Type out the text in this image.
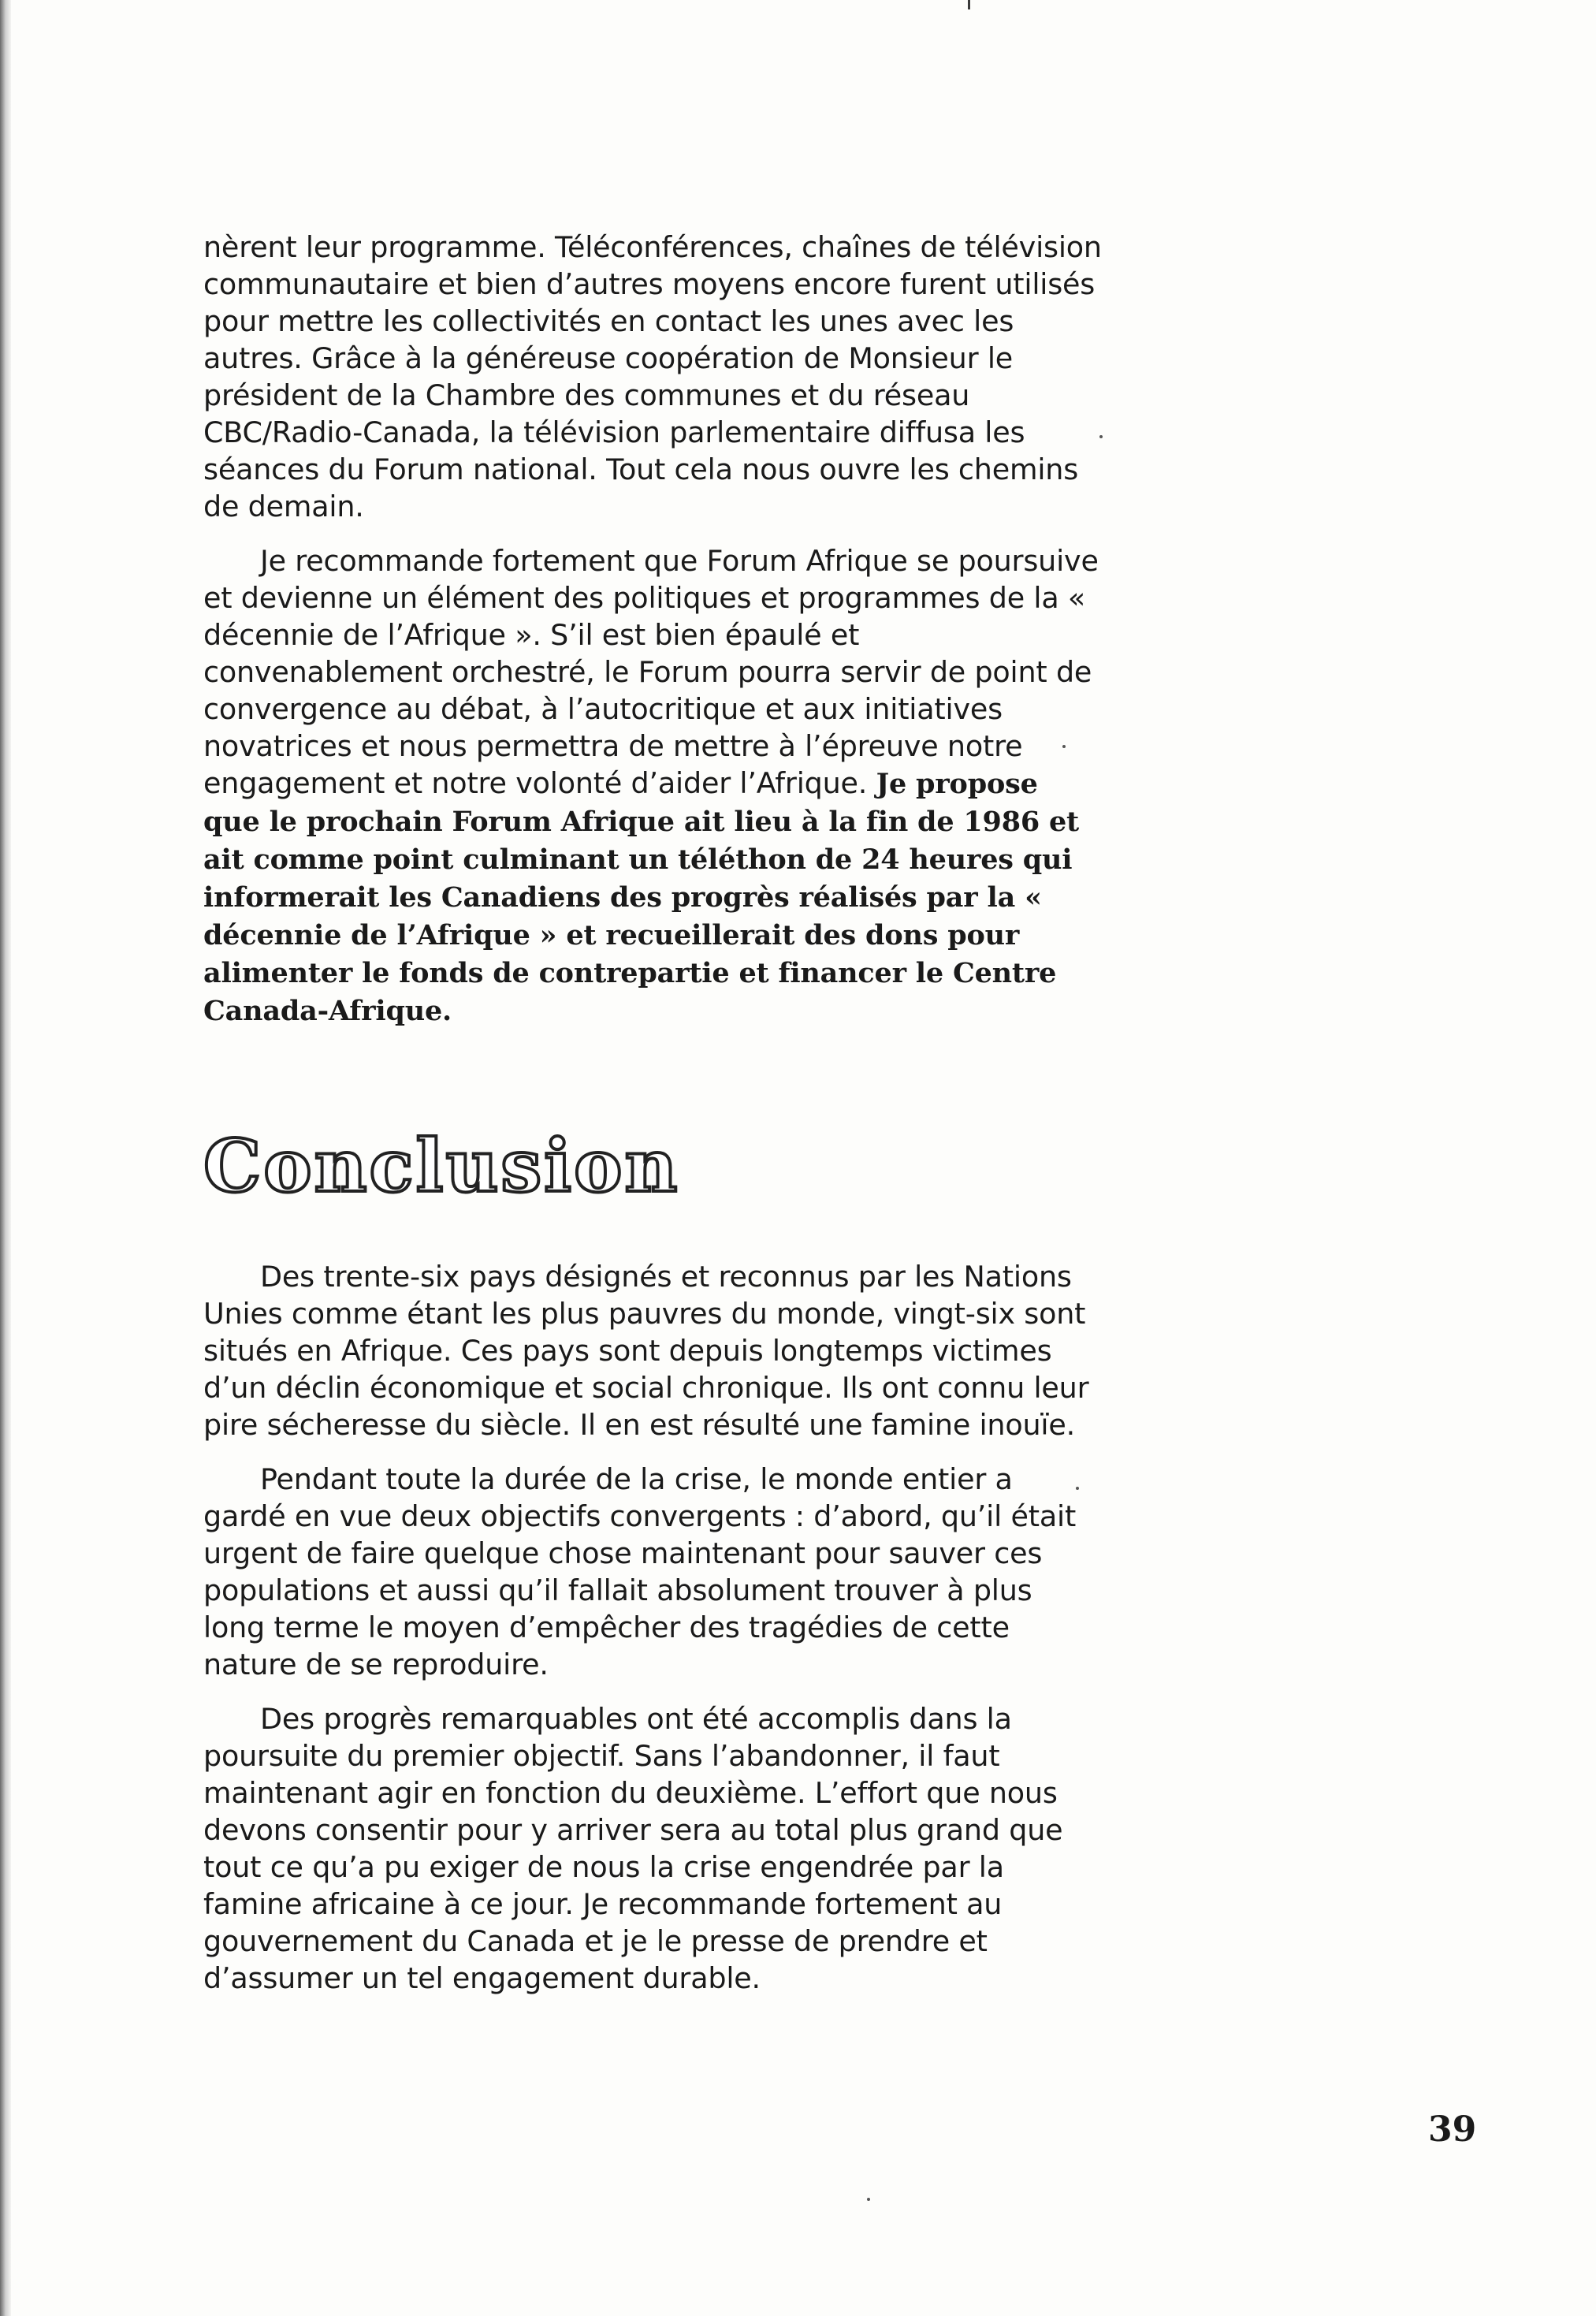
nèrent leur programme. Téléconférences, chaînes de télévision communautaire et bien d’autres moyens encore furent utilisés pour mettre les collectivités en contact les unes avec les autres. Grâce à la généreuse coopération de Monsieur le président de la Chambre des communes et du réseau CBC/Radio-Canada, la télévision parlementaire diffusa les séances du Forum national. Tout cela nous ouvre les chemins de demain.

Je recommande fortement que Forum Afrique se poursuive et devienne un élément des politiques et programmes de la « décennie de l’Afrique ». S’il est bien épaulé et convenablement orchestré, le Forum pourra servir de point de convergence au débat, à l’autocritique et aux initiatives novatrices et nous permettra de mettre à l’épreuve notre engagement et notre volonté d’aider l’Afrique. Je propose que le prochain Forum Afrique ait lieu à la fin de 1986 et ait comme point culminant un téléthon de 24 heures qui informerait les Canadiens des progrès réalisés par la « décennie de l’Afrique » et recueillerait des dons pour alimenter le fonds de contrepartie et financer le Centre Canada-Afrique.

Conclusion

Des trente-six pays désignés et reconnus par les Nations Unies comme étant les plus pauvres du monde, vingt-six sont situés en Afrique. Ces pays sont depuis longtemps victimes d’un déclin économique et social chronique. Ils ont connu leur pire sécheresse du siècle. Il en est résulté une famine inouïe.

Pendant toute la durée de la crise, le monde entier a gardé en vue deux objectifs convergents : d’abord, qu’il était urgent de faire quelque chose maintenant pour sauver ces populations et aussi qu’il fallait absolument trouver à plus long terme le moyen d’empêcher des tragédies de cette nature de se reproduire.

Des progrès remarquables ont été accomplis dans la poursuite du premier objectif. Sans l’abandonner, il faut maintenant agir en fonction du deuxième. L’effort que nous devons consentir pour y arriver sera au total plus grand que tout ce qu’a pu exiger de nous la crise engendrée par la famine africaine à ce jour. Je recommande fortement au gouvernement du Canada et je le presse de prendre et d’assumer un tel engagement durable.

39
